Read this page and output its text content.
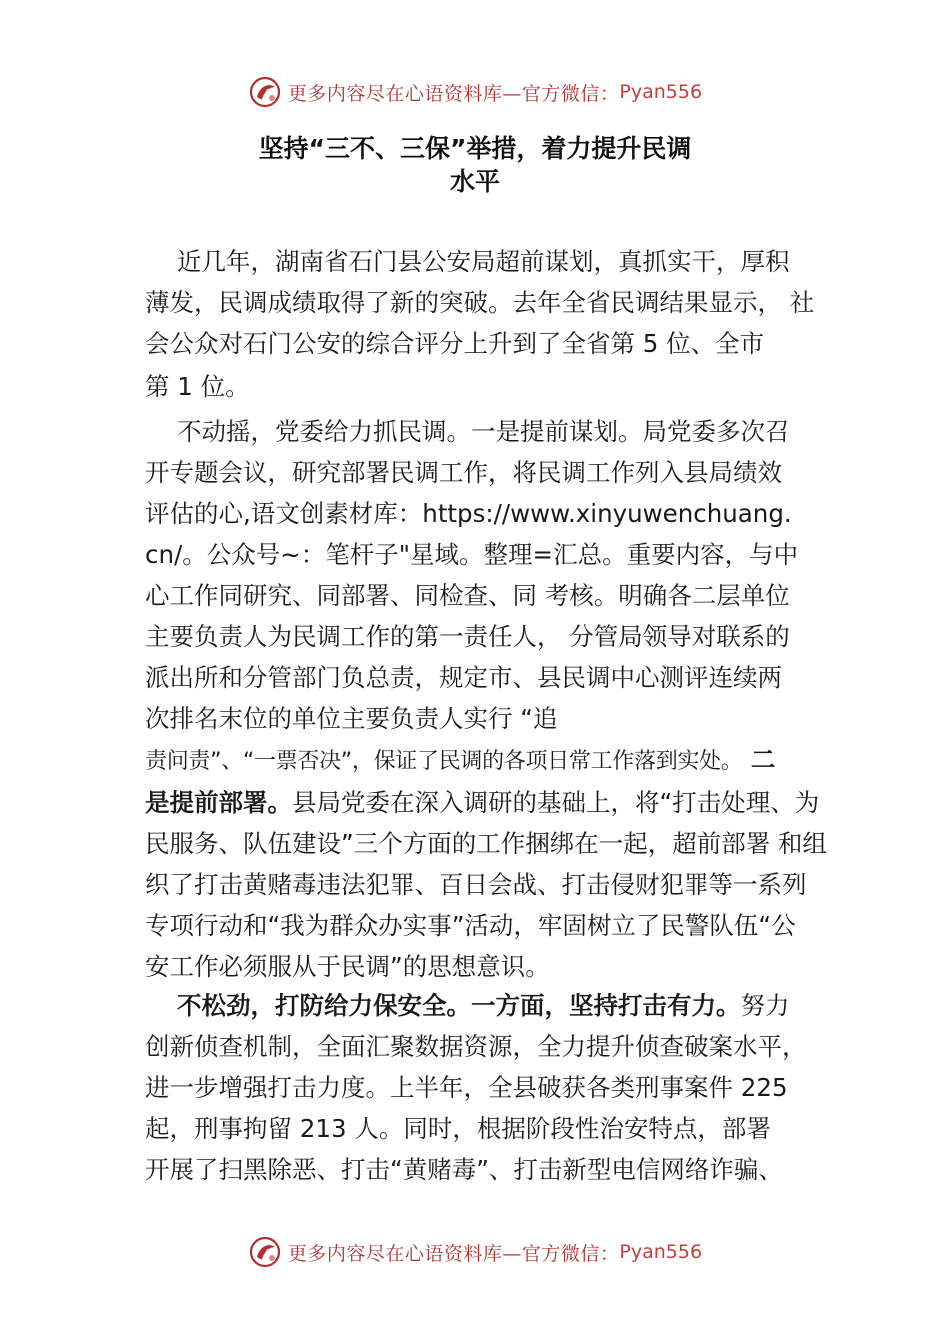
更多内容尽在心语资料库—官方微信： Pyan556
坚持“三不、三保”举措，着力提升民调
水平
近几年，湖南省石门县公安局超前谋划，真抓实干，厚积
薄发，民调成绩取得了新的突破。去年全省民调结果显示， 社
会公众对石门公安的综合评分上升到了全省第 5 位、全市
第 1 位。
不动摇，党委给力抓民调。一是提前谋划。局党委多次召
开专题会议，研究部署民调工作，将民调工作列入县局绩效
评估的心,语文创素材库：https://www.xinyuwenchuang.
cn/。公众号~：笔杆子"星域。整理=汇总。重要内容，与中
心工作同研究、同部署、同检查、同 考核。明确各二层单位
主要负责人为民调工作的第一责任人， 分管局领导对联系的
派出所和分管部门负总责，规定市、县民调中心测评连续两
次排名末位的单位主要负责人实行 “追
责问责”、“一票否决”，保证了民调的各项日常工作落到实处。 二
是提前部署。县局党委在深入调研的基础上，将“打击处理、为
民服务、队伍建设”三个方面的工作捆绑在一起，超前部署 和组
织了打击黄赌毒违法犯罪、百日会战、打击侵财犯罪等一系列
专项行动和“我为群众办实事”活动，牢固树立了民警队伍“公
安工作必须服从于民调”的思想意识。
不松劲，打防给力保安全。一方面，坚持打击有力。努力
创新侦查机制，全面汇聚数据资源，全力提升侦查破案水平，
进一步增强打击力度。上半年，全县破获各类刑事案件 225
起，刑事拘留 213 人。同时，根据阶段性治安特点，部署
开展了扫黑除恶、打击“黄赌毒”、打击新型电信网络诈骗、
更多内容尽在心语资料库—官方微信： Pyan556
